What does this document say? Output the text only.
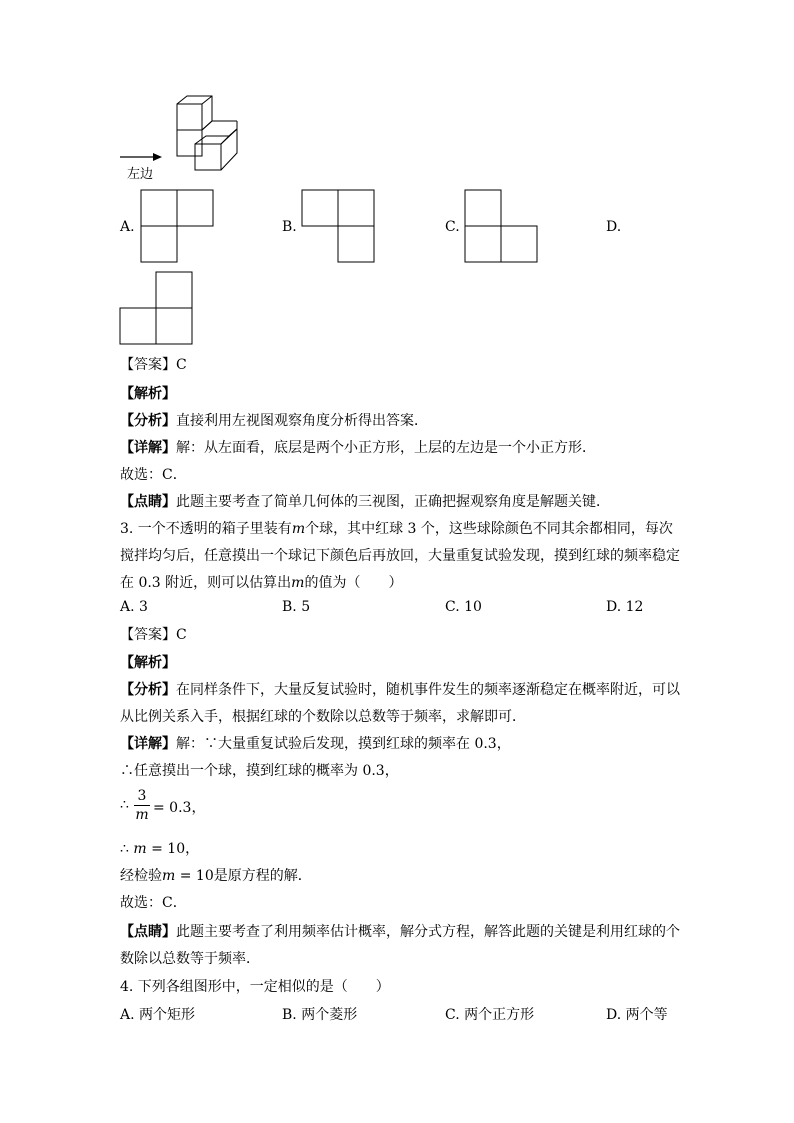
左边
A.	B.	C.	D.
【答案】C
【解析】
【分析】直接利用左视图观察角度分析得出答案．
【详解】解：从左面看，底层是两个小正方形，上层的左边是一个小正方形．
故选：C．
【点睛】此题主要考查了简单几何体的三视图，正确把握观察角度是解题关键．
3. 一个不透明的箱子里装有m个球，其中红球 3 个，这些球除颜色不同其余都相同，每次
搅拌均匀后，任意摸出一个球记下颜色后再放回，大量重复试验发现，摸到红球的频率稳定
在 0.3 附近，则可以估算出m的值为（　　）
A. 3	B. 5	C. 10	D. 12
【答案】C
【解析】
【分析】在同样条件下，大量反复试验时，随机事件发生的频率逐渐稳定在概率附近，可以
从比例关系入手，根据红球的个数除以总数等于频率，求解即可．
【详解】解：∵大量重复试验后发现，摸到红球的频率在 0.3，
∴任意摸出一个球，摸到红球的概率为 0.3，
∴
3
m = 0.3，
∴ m = 10，
经检验m = 10是原方程的解．
故选：C．
【点睛】此题主要考查了利用频率估计概率，解分式方程，解答此题的关键是利用红球的个
数除以总数等于频率．
4. 下列各组图形中，一定相似的是（　　）
A. 两个矩形	B. 两个菱形	C. 两个正方形	D. 两个等
